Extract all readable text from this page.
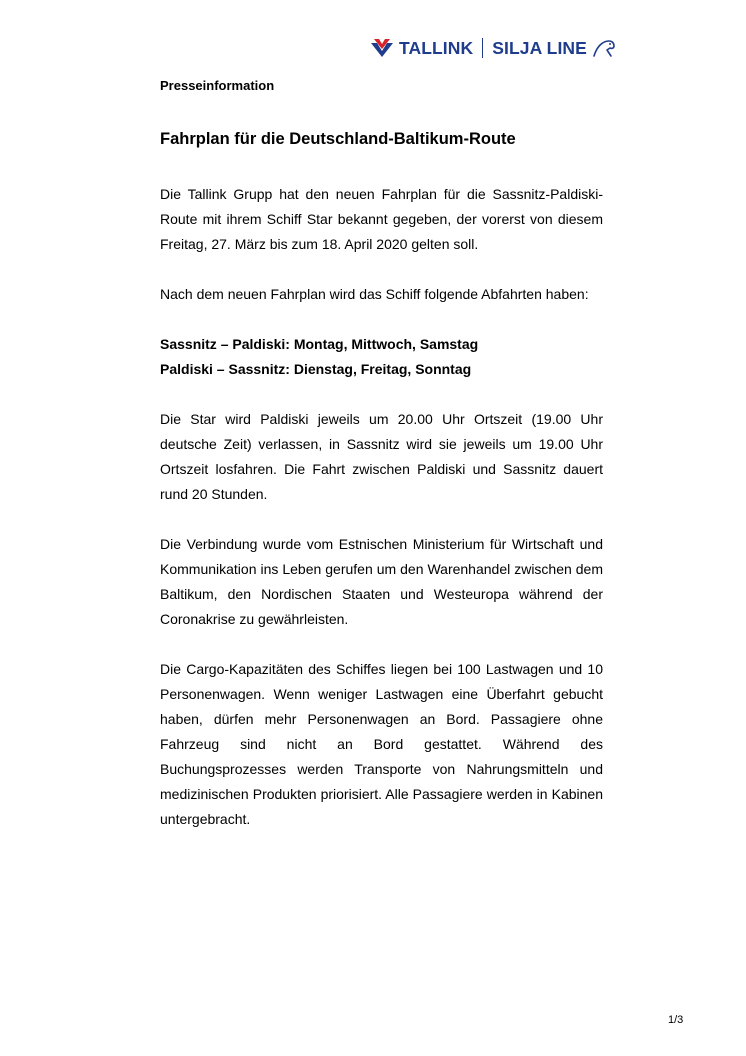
TALLINK SILJA LINE
Presseinformation
Fahrplan für die Deutschland-Baltikum-Route

Die Tallink Grupp hat den neuen Fahrplan für die Sassnitz-Paldiski-Route mit ihrem Schiff Star bekannt gegeben, der vorerst von diesem Freitag, 27. März bis zum 18. April 2020 gelten soll.

Nach dem neuen Fahrplan wird das Schiff folgende Abfahrten haben:

Sassnitz – Paldiski: Montag, Mittwoch, Samstag

Paldiski – Sassnitz: Dienstag, Freitag, Sonntag

Die Star wird Paldiski jeweils um 20.00 Uhr Ortszeit (19.00 Uhr deutsche Zeit) verlassen, in Sassnitz wird sie jeweils um 19.00 Uhr Ortszeit losfahren. Die Fahrt zwischen Paldiski und Sassnitz dauert rund 20 Stunden.

Die Verbindung wurde vom Estnischen Ministerium für Wirtschaft und Kommunikation ins Leben gerufen um den Warenhandel zwischen dem Baltikum, den Nordischen Staaten und Westeuropa während der Coronakrise zu gewährleisten.

Die Cargo-Kapazitäten des Schiffes liegen bei 100 Lastwagen und 10 Personenwagen. Wenn weniger Lastwagen eine Überfahrt gebucht haben, dürfen mehr Personenwagen an Bord. Passagiere ohne Fahrzeug sind nicht an Bord gestattet. Während des Buchungsprozesses werden Transporte von Nahrungsmitteln und medizinischen Produkten priorisiert. Alle Passagiere werden in Kabinen untergebracht.

1/3
